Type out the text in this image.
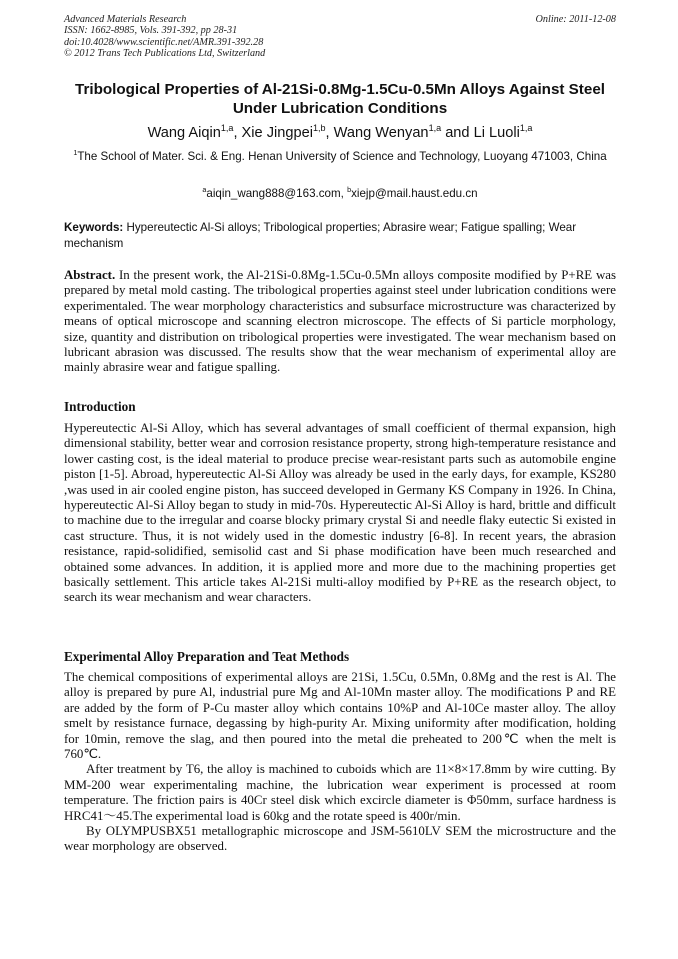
Advanced Materials Research
ISSN: 1662-8985, Vols. 391-392, pp 28-31
doi:10.4028/www.scientific.net/AMR.391-392.28
© 2012 Trans Tech Publications Ltd, Switzerland
Online: 2011-12-08
Tribological Properties of Al-21Si-0.8Mg-1.5Cu-0.5Mn Alloys Against Steel Under Lubrication Conditions
Wang Aiqin$^{1,a}$, Xie Jingpei$^{1,b}$, Wang Wenyan$^{1,a}$ and Li Luoli$^{1,a}$
$^1$The School of Mater. Sci. & Eng. Henan University of Science and Technology, Luoyang 471003, China
$^a$aiqin_wang888@163.com, $^b$xiejp@mail.haust.edu.cn
Keywords: Hypereutectic Al-Si alloys; Tribological properties; Abrasire wear; Fatigue spalling; Wear mechanism
Abstract. In the present work, the Al-21Si-0.8Mg-1.5Cu-0.5Mn alloys composite modified by P+RE was prepared by metal mold casting. The tribological properties against steel under lubrication conditions were experimentaled. The wear morphology characteristics and subsurface microstructure was characterized by means of optical microscope and scanning electron microscope. The effects of Si particle morphology, size, quantity and distribution on tribological properties were investigated. The wear mechanism based on lubricant abrasion was discussed. The results show that the wear mechanism of experimental alloy are mainly abrasire wear and fatigue spalling.
Introduction

Hypereutectic Al-Si Alloy, which has several advantages of small coefficient of thermal expansion, high dimensional stability, better wear and corrosion resistance property, strong high-temperature resistance and lower casting cost, is the ideal material to produce precise wear-resistant parts such as automobile engine piston [1-5]. Abroad, hypereutectic Al-Si Alloy was already be used in the early days, for example, KS280 ,was used in air cooled engine piston, has succeed developed in Germany KS Company in 1926. In China, hypereutectic Al-Si Alloy began to study in mid-70s. Hypereutectic Al-Si Alloy is hard, brittle and difficult to machine due to the irregular and coarse blocky primary crystal Si and needle flaky eutectic Si existed in cast structure. Thus, it is not widely used in the domestic industry [6-8]. In recent years, the abrasion resistance, rapid-solidified, semisolid cast and Si phase modification have been much researched and obtained some advances. In addition, it is applied more and more due to the machining properties get basically settlement. This article takes Al-21Si multi-alloy modified by P+RE as the research object, to search its wear mechanism and wear characters.

Experimental Alloy Preparation and Teat Methods

The chemical compositions of experimental alloys are 21Si, 1.5Cu, 0.5Mn, 0.8Mg and the rest is Al. The alloy is prepared by pure Al, industrial pure Mg and Al-10Mn master alloy. The modifications P and RE are added by the form of P-Cu master alloy which contains 10%P and Al-10Ce master alloy. The alloy smelt by resistance furnace, degassing by high-purity Ar. Mixing uniformity after modification, holding for 10min, remove the slag, and then poured into the metal die preheated to 200℃ when the melt is 760℃.

After treatment by T6, the alloy is machined to cuboids which are 11×8×17.8mm by wire cutting. By MM-200 wear experimentaling machine, the lubrication wear experiment is processed at room temperature. The friction pairs is 40Cr steel disk which excircle diameter is Φ50mm, surface hardness is HRC41〜45.The experimental load is 60kg and the rotate speed is 400r/min.

By OLYMPUSBX51 metallographic microscope and JSM-5610LV SEM the microstructure and the wear morphology are observed.
